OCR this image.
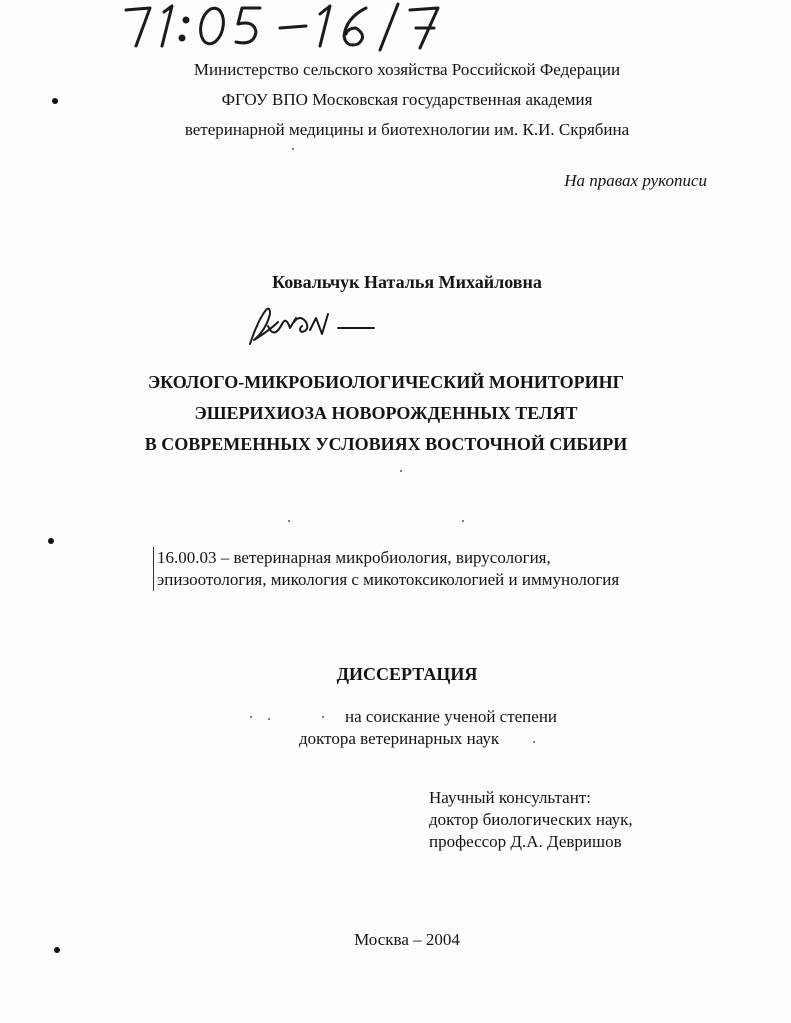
Министерство сельского хозяйства Российской Федерации
ФГОУ ВПО Московская государственная академия
ветеринарной медицины и биотехнологии им. К.И. Скрябина
На правах рукописи
Ковальчук Наталья Михайловна
ЭКОЛОГО-МИКРОБИОЛОГИЧЕСКИЙ МОНИТОРИНГ
ЭШЕРИХИОЗА НОВОРОЖДЕННЫХ ТЕЛЯТ
В СОВРЕМЕННЫХ УСЛОВИЯХ ВОСТОЧНОЙ СИБИРИ
16.00.03 – ветеринарная микробиология, вирусология,
эпизоотология, микология с микотоксикологией и иммунология
ДИССЕРТАЦИЯ
на соискание ученой степени
доктора ветеринарных наук
Научный консультант:
доктор биологических наук,
профессор Д.А. Девришов
Москва – 2004
